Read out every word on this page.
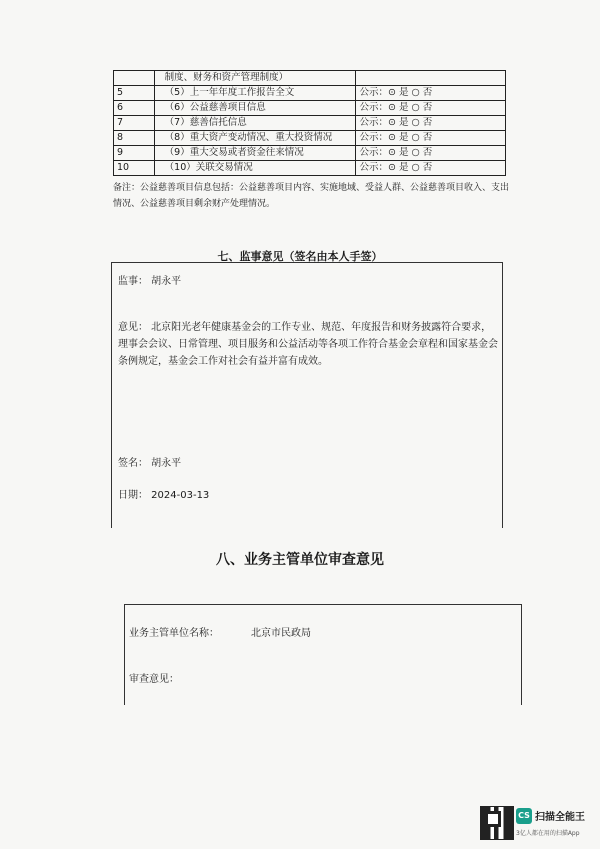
	制度、财务和资产管理制度）	
5	（5）上一年年度工作报告全文	公示：⊙ 是 ○ 否
6	（6）公益慈善项目信息	公示：⊙ 是 ○ 否
7	（7）慈善信托信息	公示：⊙ 是 ○ 否
8	（8）重大资产变动情况、重大投资情况	公示：⊙ 是 ○ 否
9	（9）重大交易或者资金往来情况	公示：⊙ 是 ○ 否
10	（10）关联交易情况	公示：⊙ 是 ○ 否
备注：公益慈善项目信息包括：公益慈善项目内容、实施地域、受益人群、公益慈善项目收入、支出情况、公益慈善项目剩余财产处理情况。
七、监事意见（签名由本人手签）
监事： 胡永平
意见： 北京阳光老年健康基金会的工作专业、规范、年度报告和财务披露符合要求，理事会会议、日常管理、项目服务和公益活动等各项工作符合基金会章程和国家基金会条例规定，基金会工作对社会有益并富有成效。
签名： 胡永平
日期： 2024-03-13
八、业务主管单位审查意见
业务主管单位名称：	北京市民政局
审查意见：
CS 扫描全能王
3亿人都在用的扫描App
